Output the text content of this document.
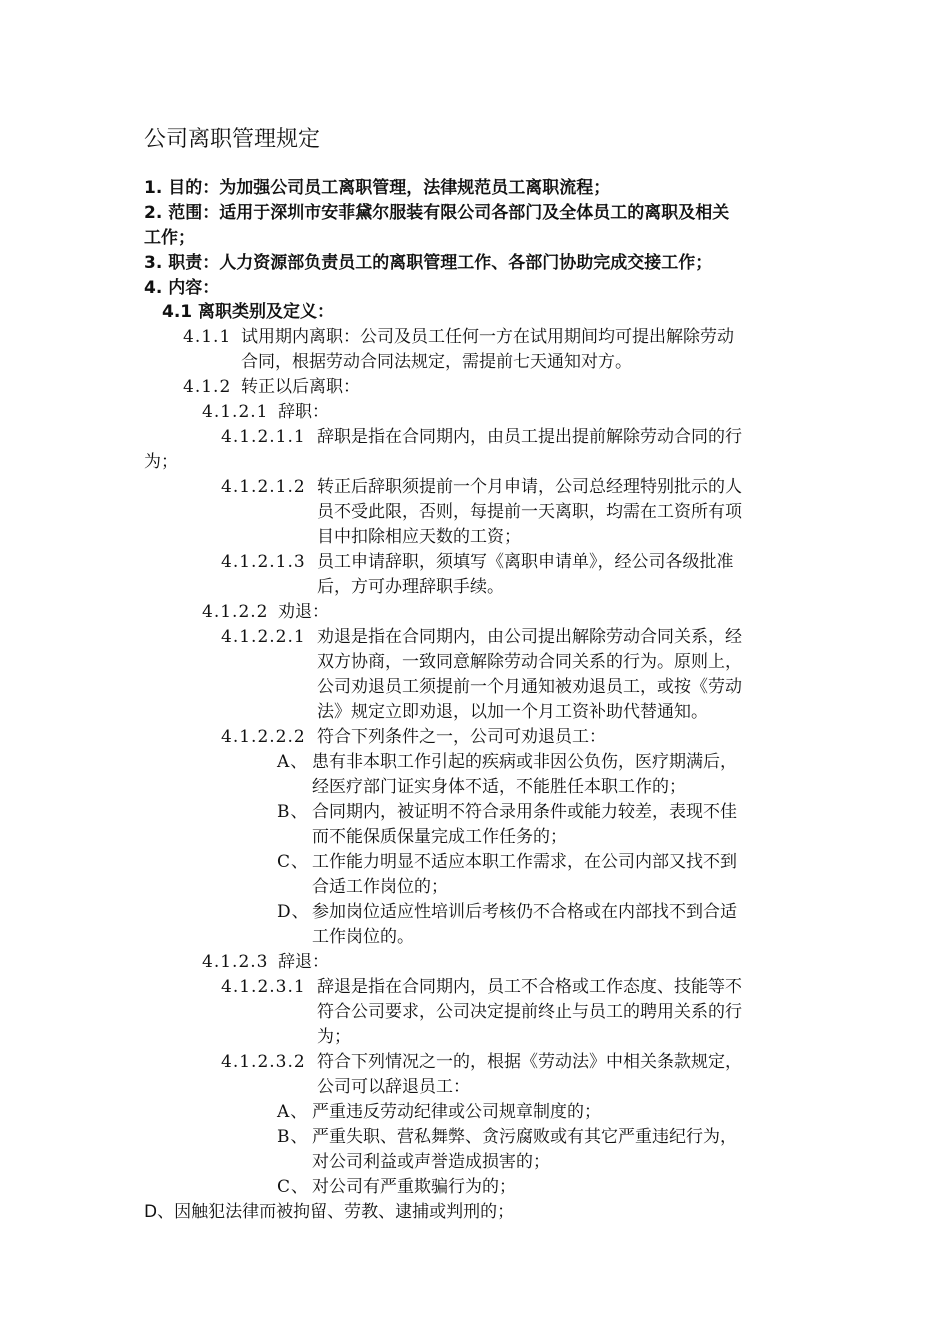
公司离职管理规定
1. 目的：为加强公司员工离职管理，法律规范员工离职流程；
2. 范围：适用于深圳市安菲黛尔服装有限公司各部门及全体员工的离职及相关
工作；
3. 职责：人力资源部负责员工的离职管理工作、各部门协助完成交接工作；
4. 内容：
4.1 离职类别及定义：
4.1.1 试用期内离职：公司及员工任何一方在试用期间均可提出解除劳动
合同，根据劳动合同法规定，需提前七天通知对方。
4.1.2 转正以后离职：
4.1.2.1 辞职：
4.1.2.1.1 辞职是指在合同期内，由员工提出提前解除劳动合同的行
为；
4.1.2.1.2 转正后辞职须提前一个月申请，公司总经理特别批示的人
员不受此限，否则，每提前一天离职，均需在工资所有项
目中扣除相应天数的工资；
4.1.2.1.3 员工申请辞职，须填写《离职申请单》，经公司各级批准
后，方可办理辞职手续。
4.1.2.2 劝退：
4.1.2.2.1 劝退是指在合同期内，由公司提出解除劳动合同关系，经
双方协商，一致同意解除劳动合同关系的行为。原则上，
公司劝退员工须提前一个月通知被劝退员工，或按《劳动
法》规定立即劝退，以加一个月工资补助代替通知。
4.1.2.2.2 符合下列条件之一，公司可劝退员工：
A、 患有非本职工作引起的疾病或非因公负伤，医疗期满后，
经医疗部门证实身体不适，不能胜任本职工作的；
B、 合同期内，被证明不符合录用条件或能力较差，表现不佳
而不能保质保量完成工作任务的；
C、 工作能力明显不适应本职工作需求，在公司内部又找不到
合适工作岗位的；
D、 参加岗位适应性培训后考核仍不合格或在内部找不到合适
工作岗位的。
4.1.2.3 辞退：
4.1.2.3.1 辞退是指在合同期内，员工不合格或工作态度、技能等不
符合公司要求，公司决定提前终止与员工的聘用关系的行
为；
4.1.2.3.2 符合下列情况之一的，根据《劳动法》中相关条款规定，
公司可以辞退员工：
A、 严重违反劳动纪律或公司规章制度的；
B、 严重失职、营私舞弊、贪污腐败或有其它严重违纪行为，
对公司利益或声誉造成损害的；
C、 对公司有严重欺骗行为的；
D、因触犯法律而被拘留、劳教、逮捕或判刑的；
